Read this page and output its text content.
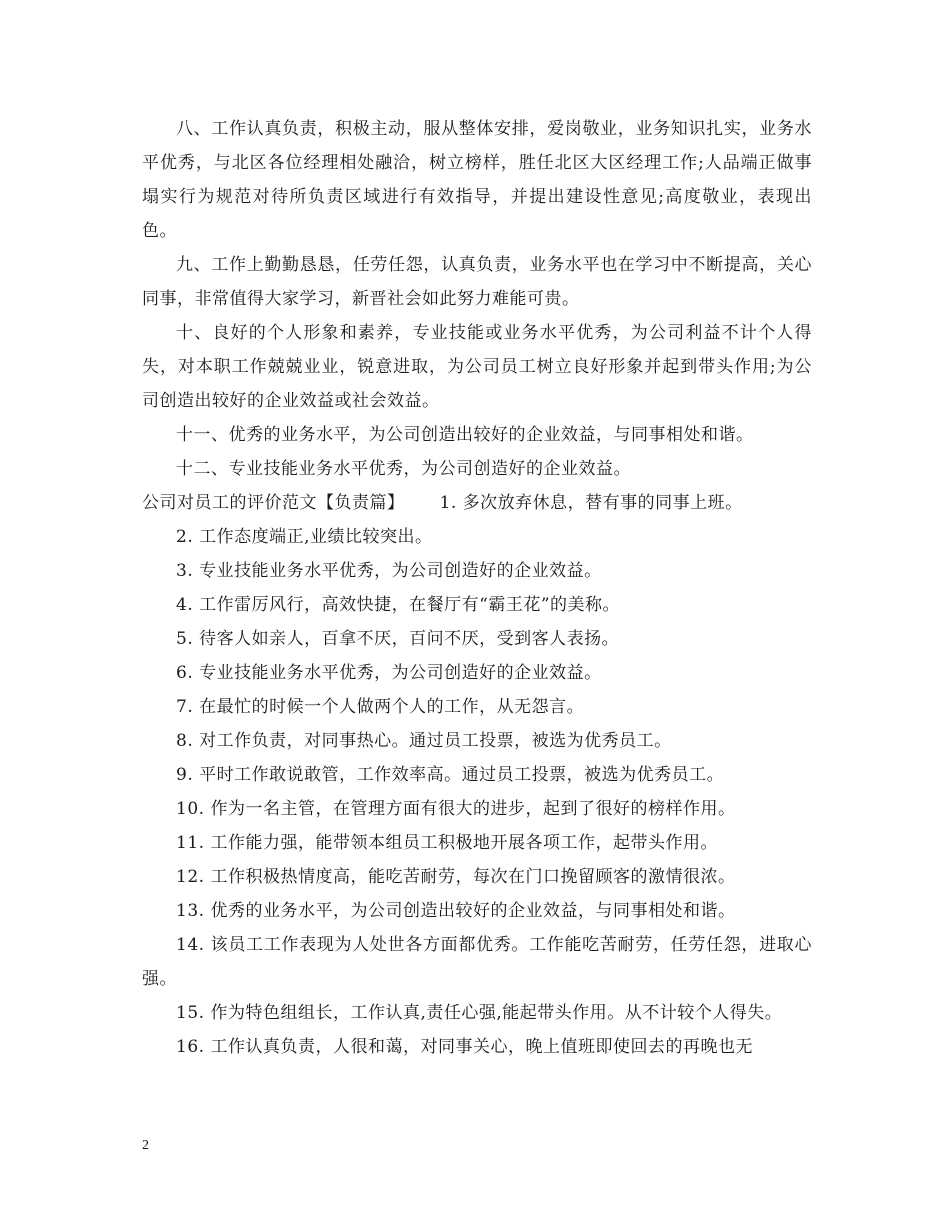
八、工作认真负责，积极主动，服从整体安排，爱岗敬业，业务知识扎实，业务水平优秀，与北区各位经理相处融洽，树立榜样，胜任北区大区经理工作;人品端正做事塌实行为规范对待所负责区域进行有效指导，并提出建设性意见;高度敬业，表现出色。

九、工作上勤勤恳恳，任劳任怨，认真负责，业务水平也在学习中不断提高，关心同事，非常值得大家学习，新晋社会如此努力难能可贵。

十、良好的个人形象和素养，专业技能或业务水平优秀，为公司利益不计个人得失，对本职工作兢兢业业，锐意进取，为公司员工树立良好形象并起到带头作用;为公司创造出较好的企业效益或社会效益。

十一、优秀的业务水平，为公司创造出较好的企业效益，与同事相处和谐。

十二、专业技能业务水平优秀，为公司创造好的企业效益。

公司对员工的评价范文【负责篇】   1. 多次放弃休息，替有事的同事上班。

2. 工作态度端正,业绩比较突出。

3. 专业技能业务水平优秀，为公司创造好的企业效益。

4. 工作雷厉风行，高效快捷，在餐厅有“霸王花”的美称。

5. 待客人如亲人，百拿不厌，百问不厌，受到客人表扬。

6. 专业技能业务水平优秀，为公司创造好的企业效益。

7. 在最忙的时候一个人做两个人的工作，从无怨言。

8. 对工作负责，对同事热心。通过员工投票，被选为优秀员工。

9. 平时工作敢说敢管，工作效率高。通过员工投票，被选为优秀员工。

10. 作为一名主管，在管理方面有很大的进步，起到了很好的榜样作用。

11. 工作能力强，能带领本组员工积极地开展各项工作，起带头作用。

12. 工作积极热情度高，能吃苦耐劳，每次在门口挽留顾客的激情很浓。

13. 优秀的业务水平，为公司创造出较好的企业效益，与同事相处和谐。

14. 该员工工作表现为人处世各方面都优秀。工作能吃苦耐劳，任劳任怨，进取心强。

15. 作为特色组组长，工作认真,责任心强,能起带头作用。从不计较个人得失。

16. 工作认真负责，人很和蔼，对同事关心，晚上值班即使回去的再晚也无

2
